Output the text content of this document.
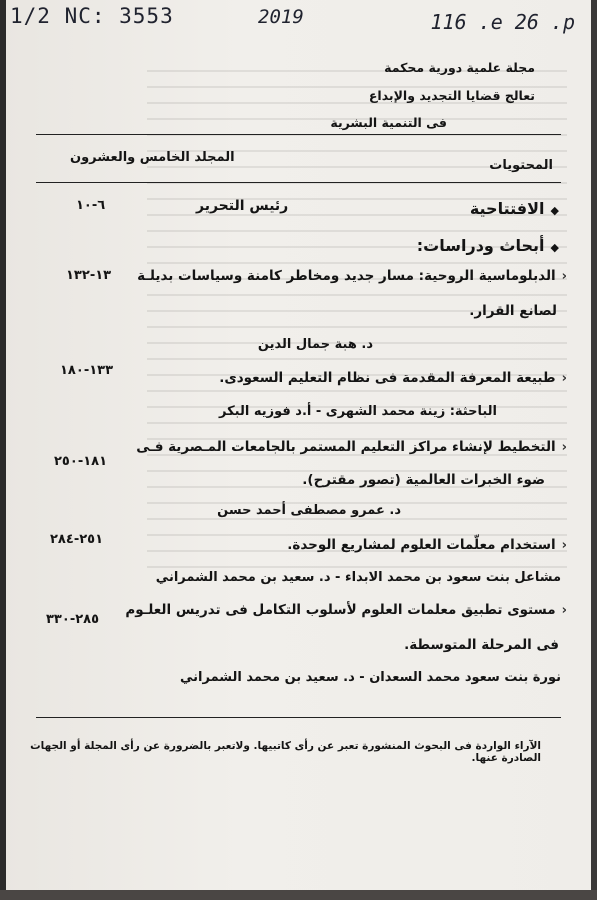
1/2 NC: 3553	2019	116 .e 26 .p
مجلة علمية دورية محكمة
تعالج قضايا التجديد والإبداع
فى التنمية البشرية
المحتويات
المجلد الخامس والعشرون
◆الافتتاحية
رئيس التحرير
٦-١٠
◆أبحاث ودراسات:
‹الدبلوماسية الروحية: مسار جديد ومخاطر كامنة وسياسات بديلـة
لصانع القرار.
د. هبة جمال الدين
١٣-١٣٢
‹طبيعة المعرفة المقدمة فى نظام التعليم السعودى.
الباحثة: زينة محمد الشهرى - أ.د فوزيه البكر
١٣٣-١٨٠
‹التخطيط لإنشاء مراكز التعليم المستمر بالجامعات المـصرية فـى
ضوء الخبرات العالمية (تصور مقترح).
د. عمرو مصطفى أحمد حسن
١٨١-٢٥٠
‹استخدام معلّمات العلوم لمشاريع الوحدة.
مشاعل بنت سعود بن محمد الابداء - د. سعيد بن محمد الشمراني
٢٥١-٢٨٤
‹مستوى تطبيق معلمات العلوم لأسلوب التكامل فى تدريس العلـوم
فى المرحلة المتوسطة.
نورة بنت سعود محمد السعدان - د. سعيد بن محمد الشمراني
٢٨٥-٣٣٠
الآراء الواردة فى البحوث المنشورة تعبر عن رأى كاتبيها. ولاتعبر بالضرورة عن رأى المجلة أو الجهات الصادرة عنها.
